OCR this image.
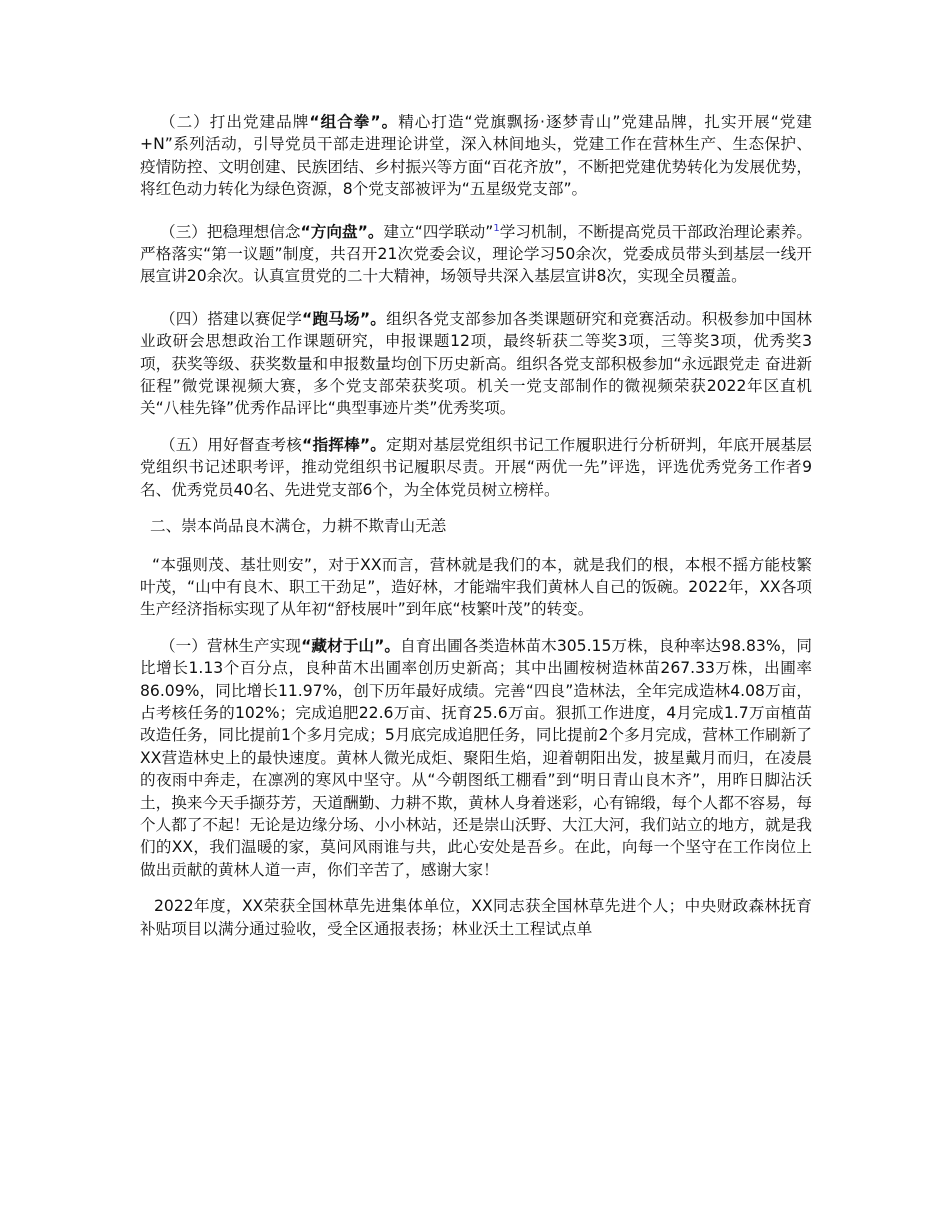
（二）打出党建品牌“组合拳”。精心打造“党旗飘扬·逐梦青山”党建品牌，扎实开展“党建+N”系列活动，引导党员干部走进理论讲堂，深入林间地头，党建工作在营林生产、生态保护、疫情防控、文明创建、民族团结、乡村振兴等方面“百花齐放”，不断把党建优势转化为发展优势，将红色动力转化为绿色资源，8个党支部被评为“五星级党支部”。

（三）把稳理想信念“方向盘”。建立“四学联动”$^1$学习机制，不断提高党员干部政治理论素养。严格落实“第一议题”制度，共召开21次党委会议，理论学习50余次，党委成员带头到基层一线开展宣讲20余次。认真宣贯党的二十大精神，场领导共深入基层宣讲8次，实现全员覆盖。

（四）搭建以赛促学“跑马场”。组织各党支部参加各类课题研究和竞赛活动。积极参加中国林业政研会思想政治工作课题研究，申报课题12项，最终斩获二等奖3项，三等奖3项，优秀奖3项，获奖等级、获奖数量和申报数量均创下历史新高。组织各党支部积极参加“永远跟党走 奋进新征程”微党课视频大赛，多个党支部荣获奖项。机关一党支部制作的微视频荣获2022年区直机关“八桂先锋”优秀作品评比“典型事迹片类”优秀奖项。

（五）用好督查考核“指挥棒”。定期对基层党组织书记工作履职进行分析研判，年底开展基层党组织书记述职考评，推动党组织书记履职尽责。开展“两优一先”评选，评选优秀党务工作者9名、优秀党员40名、先进党支部6个，为全体党员树立榜样。

二、崇本尚品良木满仓，力耕不欺青山无恙

“本强则茂、基壮则安”，对于XX而言，营林就是我们的本，就是我们的根，本根不摇方能枝繁叶茂，“山中有良木、职工干劲足”，造好林，才能端牢我们黄林人自己的饭碗。2022年，XX各项生产经济指标实现了从年初“舒枝展叶”到年底“枝繁叶茂”的转变。

（一）营林生产实现“藏材于山”。自育出圃各类造林苗木305.15万株，良种率达98.83%，同比增长1.13个百分点，良种苗木出圃率创历史新高；其中出圃桉树造林苗267.33万株，出圃率86.09%，同比增长11.97%，创下历年最好成绩。完善“四良”造林法，全年完成造林4.08万亩，占考核任务的102%；完成追肥22.6万亩、抚育25.6万亩。狠抓工作进度，4月完成1.7万亩植苗改造任务，同比提前1个多月完成；5月底完成追肥任务，同比提前2个多月完成，营林工作刷新了XX营造林史上的最快速度。黄林人微光成炬、聚阳生焰，迎着朝阳出发，披星戴月而归，在凌晨的夜雨中奔走，在凛冽的寒风中坚守。从“今朝图纸工棚看”到“明日青山良木齐”，用昨日脚沾沃土，换来今天手撷芬芳，天道酬勤、力耕不欺，黄林人身着迷彩，心有锦缎，每个人都不容易，每个人都了不起！无论是边缘分场、小小林站，还是崇山沃野、大江大河，我们站立的地方，就是我们的XX，我们温暖的家，莫问风雨谁与共，此心安处是吾乡。在此，向每一个坚守在工作岗位上做出贡献的黄林人道一声，你们辛苦了，感谢大家！

2022年度，XX荣获全国林草先进集体单位，XX同志获全国林草先进个人；中央财政森林抚育补贴项目以满分通过验收，受全区通报表扬；林业沃土工程试点单
